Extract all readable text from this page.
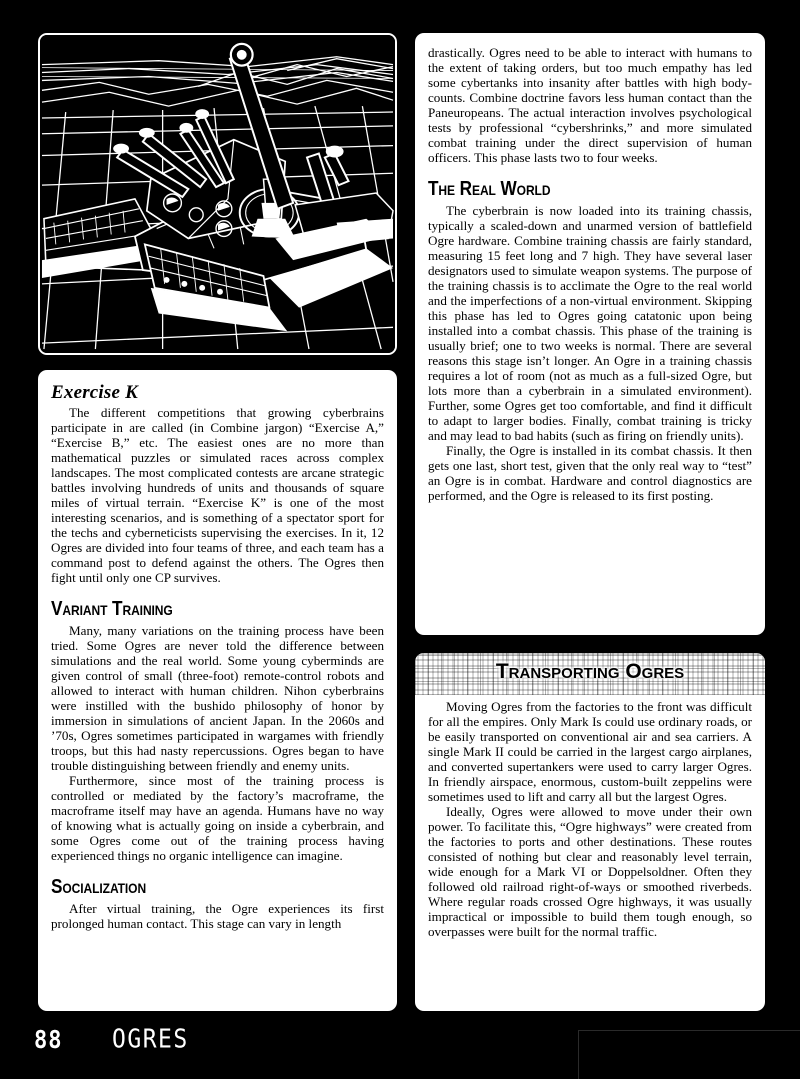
Exercise K

The different competitions that growing cyberbrains participate in are called (in Combine jargon) “Exercise A,” “Exercise B,” etc. The easiest ones are no more than mathematical puzzles or simulated races across complex landscapes. The most complicated contests are arcane strategic battles involving hundreds of units and thousands of square miles of virtual terrain. “Exercise K” is one of the most interesting scenarios, and is something of a spectator sport for the techs and cyberneticists supervising the exercises. In it, 12 Ogres are divided into four teams of three, and each team has a command post to defend against the others. The Ogres then fight until only one CP survives.

Variant Training

Many, many variations on the training process have been tried. Some Ogres are never told the difference between simulations and the real world. Some young cyberminds are given control of small (three-foot) remote-control robots and allowed to interact with human children. Nihon cyberbrains were instilled with the bushido philosophy of honor by immersion in simulations of ancient Japan. In the 2060s and ’70s, Ogres sometimes participated in wargames with friendly troops, but this had nasty repercussions. Ogres began to have trouble distinguishing between friendly and enemy units.

Furthermore, since most of the training process is controlled or mediated by the factory’s macroframe, the macroframe itself may have an agenda. Humans have no way of knowing what is actually going on inside a cyberbrain, and some Ogres come out of the training process having experienced things no organic intelligence can imagine.

Socialization

After virtual training, the Ogre experiences its first prolonged human contact. This stage can vary in length

drastically. Ogres need to be able to interact with humans to the extent of taking orders, but too much empathy has led some cybertanks into insanity after battles with high body-counts. Combine doctrine favors less human contact than the Paneuropeans. The actual interaction involves psychological tests by professional “cybershrinks,” and more simulated combat training under the direct supervision of human officers. This phase lasts two to four weeks.

The Real World

The cyberbrain is now loaded into its training chassis, typically a scaled-down and unarmed version of battlefield Ogre hardware. Combine training chassis are fairly standard, measuring 15 feet long and 7 high. They have several laser designators used to simulate weapon systems. The purpose of the training chassis is to acclimate the Ogre to the real world and the imperfections of a non-virtual environment. Skipping this phase has led to Ogres going catatonic upon being installed into a combat chassis. This phase of the training is usually brief; one to two weeks is normal. There are several reasons this stage isn’t longer. An Ogre in a training chassis requires a lot of room (not as much as a full-sized Ogre, but lots more than a cyberbrain in a simulated environment). Further, some Ogres get too comfortable, and find it difficult to adapt to larger bodies. Finally, combat training is tricky and may lead to bad habits (such as firing on friendly units).

Finally, the Ogre is installed in its combat chassis. It then gets one last, short test, given that the only real way to “test” an Ogre is in combat. Hardware and control diagnostics are performed, and the Ogre is released to its first posting.

Transporting Ogres

Moving Ogres from the factories to the front was difficult for all the empires. Only Mark Is could use ordinary roads, or be easily transported on conventional air and sea carriers. A single Mark II could be carried in the largest cargo airplanes, and converted supertankers were used to carry larger Ogres. In friendly airspace, enormous, custom-built zeppelins were sometimes used to lift and carry all but the largest Ogres.

Ideally, Ogres were allowed to move under their own power. To facilitate this, “Ogre highways” were created from the factories to ports and other destinations. These routes consisted of nothing but clear and reasonably level terrain, wide enough for a Mark VI or Doppelsoldner. Often they followed old railroad right-of-ways or smoothed riverbeds. Where regular roads crossed Ogre highways, it was usually impractical or impossible to build them tough enough, so overpasses were built for the normal traffic.

88 OGRES
